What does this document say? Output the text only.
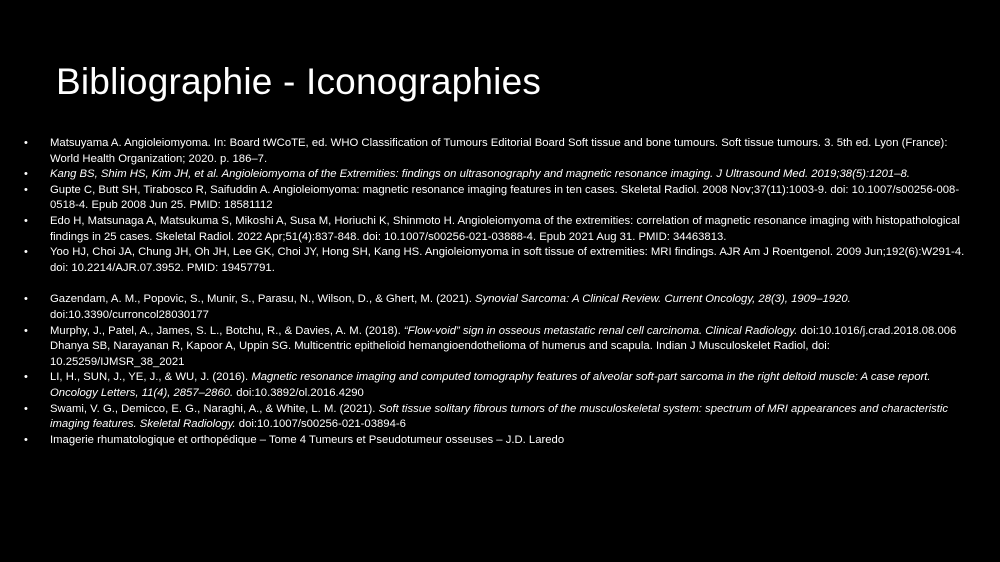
Bibliographie - Iconographies
• Matsuyama A. Angioleiomyoma. In: Board tWCoTE, ed. WHO Classification of Tumours Editorial Board Soft tissue and bone tumours. Soft tissue tumours. 3. 5th ed. Lyon (France): World Health Organization; 2020. p. 186–7.
• Kang BS, Shim HS, Kim JH, et al. Angioleiomyoma of the Extremities: findings on ultrasonography and magnetic resonance imaging. J Ultrasound Med. 2019;38(5):1201–8.
• Gupte C, Butt SH, Tirabosco R, Saifuddin A. Angioleiomyoma: magnetic resonance imaging features in ten cases. Skeletal Radiol. 2008 Nov;37(11):1003-9. doi: 10.1007/s00256-008-0518-4. Epub 2008 Jun 25. PMID: 18581112
• Edo H, Matsunaga A, Matsukuma S, Mikoshi A, Susa M, Horiuchi K, Shinmoto H. Angioleiomyoma of the extremities: correlation of magnetic resonance imaging with histopathological findings in 25 cases. Skeletal Radiol. 2022 Apr;51(4):837-848. doi: 10.1007/s00256-021-03888-4. Epub 2021 Aug 31. PMID: 34463813.
• Yoo HJ, Choi JA, Chung JH, Oh JH, Lee GK, Choi JY, Hong SH, Kang HS. Angioleiomyoma in soft tissue of extremities: MRI findings. AJR Am J Roentgenol. 2009 Jun;192(6):W291-4. doi: 10.2214/AJR.07.3952. PMID: 19457791.
• Gazendam, A. M., Popovic, S., Munir, S., Parasu, N., Wilson, D., & Ghert, M. (2021). Synovial Sarcoma: A Clinical Review. Current Oncology, 28(3), 1909–1920. doi:10.3390/curroncol28030177
• Murphy, J., Patel, A., James, S. L., Botchu, R., & Davies, A. M. (2018). “Flow-void” sign in osseous metastatic renal cell carcinoma. Clinical Radiology. doi:10.1016/j.crad.2018.08.006
Dhanya SB, Narayanan R, Kapoor A, Uppin SG. Multicentric epithelioid hemangioendothelioma of humerus and scapula. Indian J Musculoskelet Radiol, doi: 10.25259/IJMSR_38_2021
• LI, H., SUN, J., YE, J., & WU, J. (2016). Magnetic resonance imaging and computed tomography features of alveolar soft-part sarcoma in the right deltoid muscle: A case report. Oncology Letters, 11(4), 2857–2860. doi:10.3892/ol.2016.4290
• Swami, V. G., Demicco, E. G., Naraghi, A., & White, L. M. (2021). Soft tissue solitary fibrous tumors of the musculoskeletal system: spectrum of MRI appearances and characteristic imaging features. Skeletal Radiology. doi:10.1007/s00256-021-03894-6
• Imagerie rhumatologique et orthopédique – Tome 4 Tumeurs et Pseudotumeur osseuses – J.D. Laredo
